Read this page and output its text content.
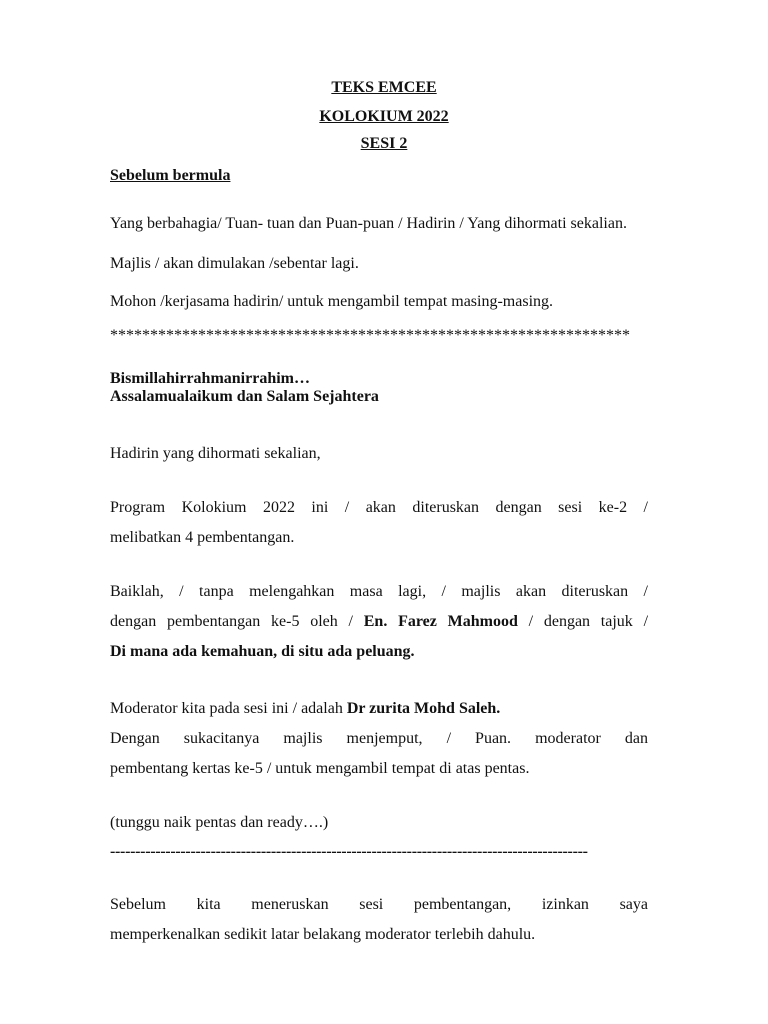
TEKS EMCEE
KOLOKIUM 2022
SESI 2
Sebelum bermula
Yang berbahagia/ Tuan- tuan dan Puan-puan / Hadirin / Yang dihormati sekalian.
Majlis / akan dimulakan /sebentar lagi.
Mohon /kerjasama hadirin/ untuk mengambil tempat masing-masing.
*****************************************************************
Bismillahirrahmanirrahim…
Assalamualaikum dan Salam Sejahtera
Hadirin yang dihormati sekalian,
Program Kolokium 2022 ini / akan diteruskan dengan sesi ke-2 /
melibatkan 4 pembentangan.
Baiklah, / tanpa melengahkan masa lagi, / majlis akan diteruskan /
dengan pembentangan ke-5 oleh / En. Farez Mahmood / dengan tajuk /
Di mana ada kemahuan, di situ ada peluang.
Moderator kita pada sesi ini / adalah Dr zurita Mohd Saleh.
Dengan sukacitanya majlis menjemput, / Puan. moderator dan
pembentang kertas ke-5 / untuk mengambil tempat di atas pentas.
(tunggu naik pentas dan ready….)
-----------------------------------------------------------------------------------------------
Sebelum kita meneruskan sesi pembentangan, izinkan saya
memperkenalkan sedikit latar belakang moderator terlebih dahulu.
